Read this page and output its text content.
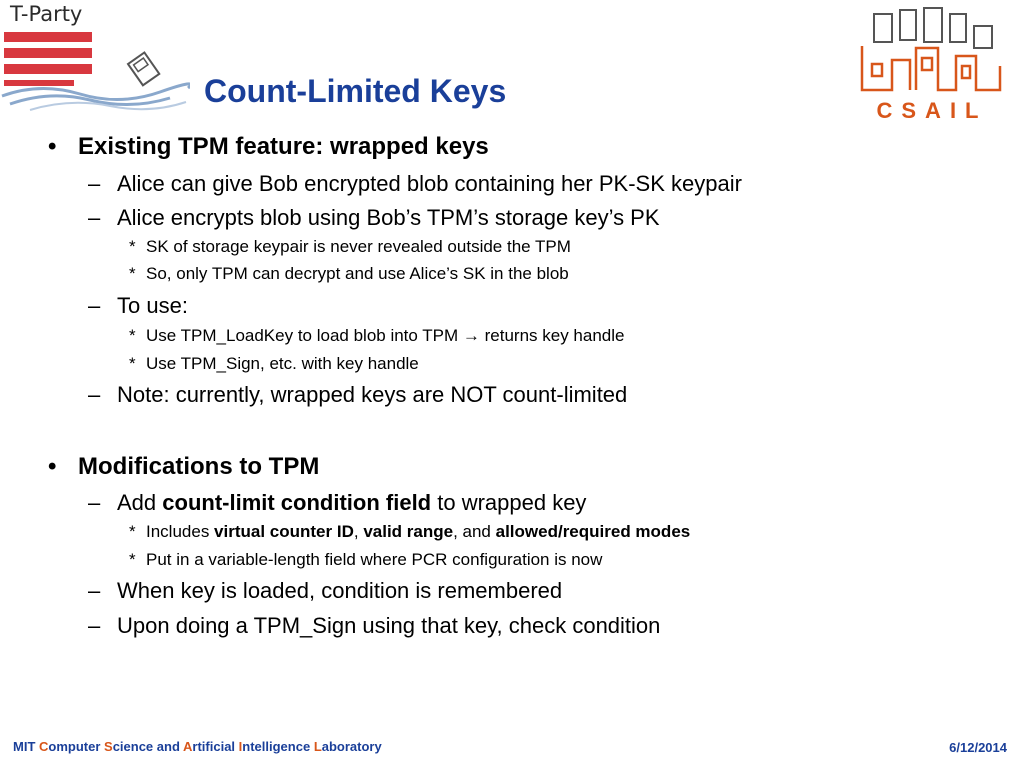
T-Party
Count-Limited Keys
CSAIL
• Existing TPM feature: wrapped keys
– Alice can give Bob encrypted blob containing her PK-SK keypair
– Alice encrypts blob using Bob’s TPM’s storage key’s PK
* SK of storage keypair is never revealed outside the TPM
* So, only TPM can decrypt and use Alice’s SK in the blob
– To use:
* Use TPM_LoadKey to load blob into TPM → returns key handle
* Use TPM_Sign, etc. with key handle
– Note: currently, wrapped keys are NOT count-limited
• Modifications to TPM
– Add count-limit condition field to wrapped key
* Includes virtual counter ID, valid range, and allowed/required modes
* Put in a variable-length field where PCR configuration is now
– When key is loaded, condition is remembered
– Upon doing a TPM_Sign using that key, check condition
MIT Computer Science and Artificial Intelligence Laboratory	6/12/2014
